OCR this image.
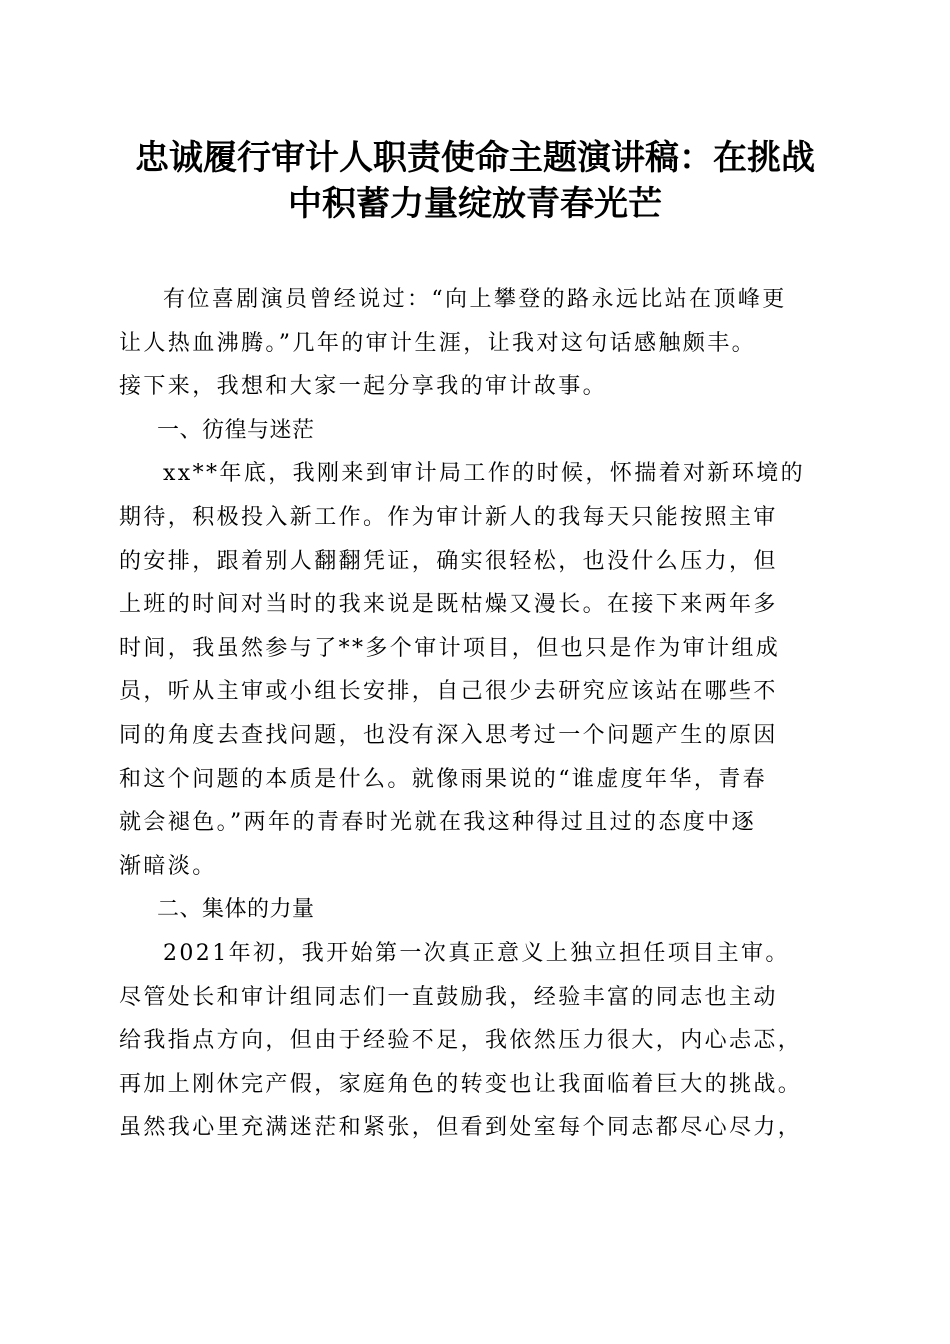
忠诚履行审计人职责使命主题演讲稿：在挑战
中积蓄力量绽放青春光芒

有位喜剧演员曾经说过：“向上攀登的路永远比站在顶峰更
让人热血沸腾。”几年的审计生涯，让我对这句话感触颇丰。
接下来，我想和大家一起分享我的审计故事。

一、彷徨与迷茫

xx**年底，我刚来到审计局工作的时候，怀揣着对新环境的
期待，积极投入新工作。作为审计新人的我每天只能按照主审
的安排，跟着别人翻翻凭证，确实很轻松，也没什么压力，但
上班的时间对当时的我来说是既枯燥又漫长。在接下来两年多
时间，我虽然参与了**多个审计项目，但也只是作为审计组成
员，听从主审或小组长安排，自己很少去研究应该站在哪些不
同的角度去查找问题，也没有深入思考过一个问题产生的原因
和这个问题的本质是什么。就像雨果说的“谁虚度年华，青春
就会褪色。”两年的青春时光就在我这种得过且过的态度中逐
渐暗淡。

二、集体的力量

2021年初，我开始第一次真正意义上独立担任项目主审。
尽管处长和审计组同志们一直鼓励我，经验丰富的同志也主动
给我指点方向，但由于经验不足，我依然压力很大，内心忐忑，
再加上刚休完产假，家庭角色的转变也让我面临着巨大的挑战。
虽然我心里充满迷茫和紧张，但看到处室每个同志都尽心尽力，
